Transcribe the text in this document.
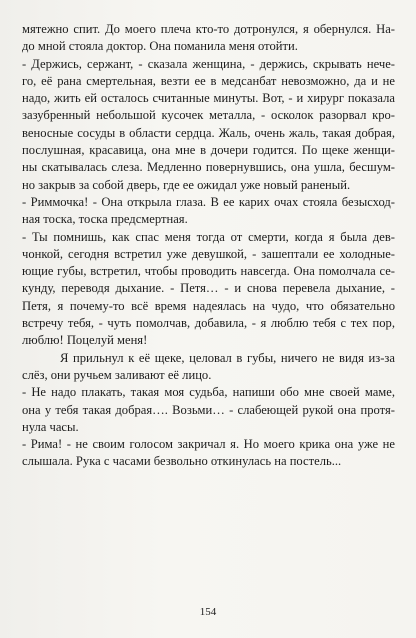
мятежно спит. До моего плеча кто-то дотронулся, я обернулся. На-
до мной стояла доктор. Она поманила меня отойти.
- Держись, сержант, - сказала женщина, - держись, скрывать нече-
го, её рана смертельная, везти ее в медсанбат невозможно, да и не
надо, жить ей осталось считанные минуты. Вот, - и хирург показала
зазубренный небольшой кусочек металла, - осколок разорвал кро-
веносные сосуды в области сердца. Жаль, очень жаль, такая добрая,
послушная, красавица, она мне в дочери годится. По щеке женщи-
ны скатывалась слеза. Медленно повернувшись, она ушла, бесшум-
но закрыв за собой дверь, где ее ожидал уже новый раненый.
- Риммочка! - Она открыла глаза. В ее карих очах стояла безысход-
ная тоска, тоска предсмертная.
- Ты помнишь, как спас меня тогда от смерти, когда я была дев-
чонкой, сегодня встретил уже девушкой, - зашептали ее холодные-
ющие губы, встретил, чтобы проводить навсегда. Она помолчала се-
кунду, переводя дыхание. - Петя… - и снова перевела дыхание, -
Петя, я почему-то всё время надеялась на чудо, что обязательно
встречу тебя, - чуть помолчав, добавила, - я люблю тебя с тех пор,
люблю! Поцелуй меня!
Я прильнул к её щеке, целовал в губы, ничего не видя из-за
слёз, они ручьем заливают её лицо.
- Не надо плакать, такая моя судьба, напиши обо мне своей маме,
она у тебя такая добрая…. Возьми… - слабеющей рукой она протя-
нула часы.
- Рима! - не своим голосом закричал я. Но моего крика она уже не
слышала. Рука с часами безвольно откинулась на постель...
154
